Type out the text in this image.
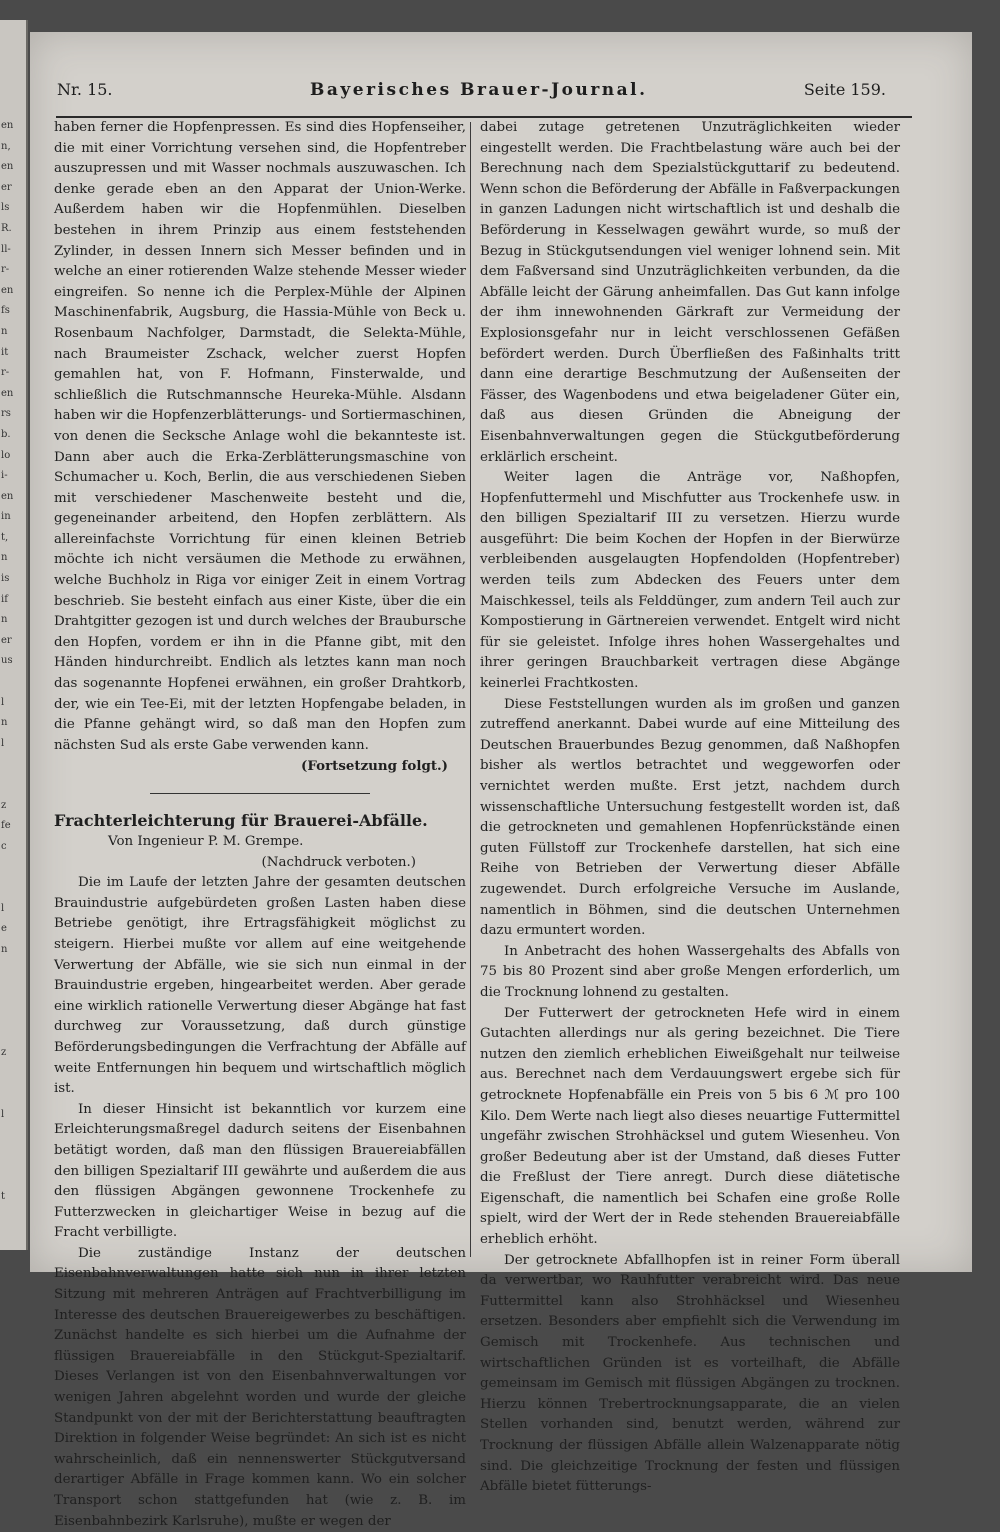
en
n,
en
er
ls
R.
ll-
r-
en
fs
n
it
r-
en
rs
b.
lo
i-
en
in
t,
n
is
if
n
er
us

l
n
l

z
fe
c

l
e
n

z

l

t
Nr. 15.	Bayerisches Brauer-Journal.	Seite 159.

haben ferner die Hopfenpressen. Es sind dies Hopfenseiher, die mit einer Vorrichtung versehen sind, die Hopfentreber auszupressen und mit Wasser nochmals auszuwaschen. Ich denke gerade eben an den Apparat der Union-Werke. Außerdem haben wir die Hopfenmühlen. Dieselben bestehen in ihrem Prinzip aus einem feststehenden Zylinder, in dessen Innern sich Messer befinden und in welche an einer rotierenden Walze stehende Messer wieder eingreifen. So nenne ich die Perplex-Mühle der Alpinen Maschinenfabrik, Augsburg, die Hassia-Mühle von Beck u. Rosenbaum Nachfolger, Darmstadt, die Selekta-Mühle, nach Braumeister Zschack, welcher zuerst Hopfen gemahlen hat, von F. Hofmann, Finsterwalde, und schließlich die Rutschmannsche Heureka-Mühle. Alsdann haben wir die Hopfenzerblätterungs- und Sortiermaschinen, von denen die Secksche Anlage wohl die bekannteste ist. Dann aber auch die Erka-Zerblätterungsmaschine von Schumacher u. Koch, Berlin, die aus verschiedenen Sieben mit verschiedener Maschenweite besteht und die, gegeneinander arbeitend, den Hopfen zerblättern. Als allereinfachste Vorrichtung für einen kleinen Betrieb möchte ich nicht versäumen die Methode zu erwähnen, welche Buchholz in Riga vor einiger Zeit in einem Vortrag beschrieb. Sie besteht einfach aus einer Kiste, über die ein Drahtgitter gezogen ist und durch welches der Braubursche den Hopfen, vordem er ihn in die Pfanne gibt, mit den Händen hindurchreibt. Endlich als letztes kann man noch das sogenannte Hopfenei erwähnen, ein großer Drahtkorb, der, wie ein Tee-Ei, mit der letzten Hopfengabe beladen, in die Pfanne gehängt wird, so daß man den Hopfen zum nächsten Sud als erste Gabe verwenden kann.

(Fortsetzung folgt.)

Frachterleichterung für Brauerei-Abfälle.

Von Ingenieur P. M. Grempe.

(Nachdruck verboten.)

Die im Laufe der letzten Jahre der gesamten deutschen Brauindustrie aufgebürdeten großen Lasten haben diese Betriebe genötigt, ihre Ertragsfähigkeit möglichst zu steigern. Hierbei mußte vor allem auf eine weitgehende Verwertung der Abfälle, wie sie sich nun einmal in der Brauindustrie ergeben, hingearbeitet werden. Aber gerade eine wirklich rationelle Verwertung dieser Abgänge hat fast durchweg zur Voraussetzung, daß durch günstige Beförderungsbedingungen die Verfrachtung der Abfälle auf weite Entfernungen hin bequem und wirtschaftlich möglich ist.

In dieser Hinsicht ist bekanntlich vor kurzem eine Erleichterungsmaßregel dadurch seitens der Eisenbahnen betätigt worden, daß man den flüssigen Brauereiabfällen den billigen Spezialtarif III gewährte und außerdem die aus den flüssigen Abgängen gewonnene Trockenhefe zu Futterzwecken in gleichartiger Weise in bezug auf die Fracht verbilligte.

Die zuständige Instanz der deutschen Eisenbahnverwaltungen hatte sich nun in ihrer letzten Sitzung mit mehreren Anträgen auf Frachtverbilligung im Interesse des deutschen Brauereigewerbes zu beschäftigen. Zunächst handelte es sich hierbei um die Aufnahme der flüssigen Brauereiabfälle in den Stückgut-Spezialtarif. Dieses Verlangen ist von den Eisenbahnverwaltungen vor wenigen Jahren abgelehnt worden und wurde der gleiche Standpunkt von der mit der Berichterstattung beauftragten Direktion in folgender Weise begründet: An sich ist es nicht wahrscheinlich, daß ein nennenswerter Stückgutversand derartiger Abfälle in Frage kommen kann. Wo ein solcher Transport schon stattgefunden hat (wie z. B. im Eisenbahnbezirk Karlsruhe), mußte er wegen der

dabei zutage getretenen Unzuträglichkeiten wieder eingestellt werden. Die Frachtbelastung wäre auch bei der Berechnung nach dem Spezialstückguttarif zu bedeutend. Wenn schon die Beförderung der Abfälle in Faßverpackungen in ganzen Ladungen nicht wirtschaftlich ist und deshalb die Beförderung in Kesselwagen gewährt wurde, so muß der Bezug in Stückgutsendungen viel weniger lohnend sein. Mit dem Faßversand sind Unzuträglichkeiten verbunden, da die Abfälle leicht der Gärung anheimfallen. Das Gut kann infolge der ihm innewohnenden Gärkraft zur Vermeidung der Explosionsgefahr nur in leicht verschlossenen Gefäßen befördert werden. Durch Überfließen des Faßinhalts tritt dann eine derartige Beschmutzung der Außenseiten der Fässer, des Wagenbodens und etwa beigeladener Güter ein, daß aus diesen Gründen die Abneigung der Eisenbahnverwaltungen gegen die Stückgutbeförderung erklärlich erscheint.

Weiter lagen die Anträge vor, Naßhopfen, Hopfenfuttermehl und Mischfutter aus Trockenhefe usw. in den billigen Spezialtarif III zu versetzen. Hierzu wurde ausgeführt: Die beim Kochen der Hopfen in der Bierwürze verbleibenden ausgelaugten Hopfendolden (Hopfentreber) werden teils zum Abdecken des Feuers unter dem Maischkessel, teils als Felddünger, zum andern Teil auch zur Kompostierung in Gärtnereien verwendet. Entgelt wird nicht für sie geleistet. Infolge ihres hohen Wassergehaltes und ihrer geringen Brauchbarkeit vertragen diese Abgänge keinerlei Frachtkosten.

Diese Feststellungen wurden als im großen und ganzen zutreffend anerkannt. Dabei wurde auf eine Mitteilung des Deutschen Brauerbundes Bezug genommen, daß Naßhopfen bisher als wertlos betrachtet und weggeworfen oder vernichtet werden mußte. Erst jetzt, nachdem durch wissenschaftliche Untersuchung festgestellt worden ist, daß die getrockneten und gemahlenen Hopfenrückstände einen guten Füllstoff zur Trockenhefe darstellen, hat sich eine Reihe von Betrieben der Verwertung dieser Abfälle zugewendet. Durch erfolgreiche Versuche im Auslande, namentlich in Böhmen, sind die deutschen Unternehmen dazu ermuntert worden.

In Anbetracht des hohen Wassergehalts des Abfalls von 75 bis 80 Prozent sind aber große Mengen erforderlich, um die Trocknung lohnend zu gestalten.

Der Futterwert der getrockneten Hefe wird in einem Gutachten allerdings nur als gering bezeichnet. Die Tiere nutzen den ziemlich erheblichen Eiweißgehalt nur teilweise aus. Berechnet nach dem Verdauungswert ergebe sich für getrocknete Hopfenabfälle ein Preis von 5 bis 6 ℳ pro 100 Kilo. Dem Werte nach liegt also dieses neuartige Futtermittel ungefähr zwischen Strohhäcksel und gutem Wiesenheu. Von großer Bedeutung aber ist der Umstand, daß dieses Futter die Freßlust der Tiere anregt. Durch diese diätetische Eigenschaft, die namentlich bei Schafen eine große Rolle spielt, wird der Wert der in Rede stehenden Brauereiabfälle erheblich erhöht.

Der getrocknete Abfallhopfen ist in reiner Form überall da verwertbar, wo Rauhfutter verabreicht wird. Das neue Futtermittel kann also Strohhäcksel und Wiesenheu ersetzen. Besonders aber empfiehlt sich die Verwendung im Gemisch mit Trockenhefe. Aus technischen und wirtschaftlichen Gründen ist es vorteilhaft, die Abfälle gemeinsam im Gemisch mit flüssigen Abgängen zu trocknen. Hierzu können Trebertrocknungsapparate, die an vielen Stellen vorhanden sind, benutzt werden, während zur Trocknung der flüssigen Abfälle allein Walzenapparate nötig sind. Die gleichzeitige Trocknung der festen und flüssigen Abfälle bietet fütterungs-
